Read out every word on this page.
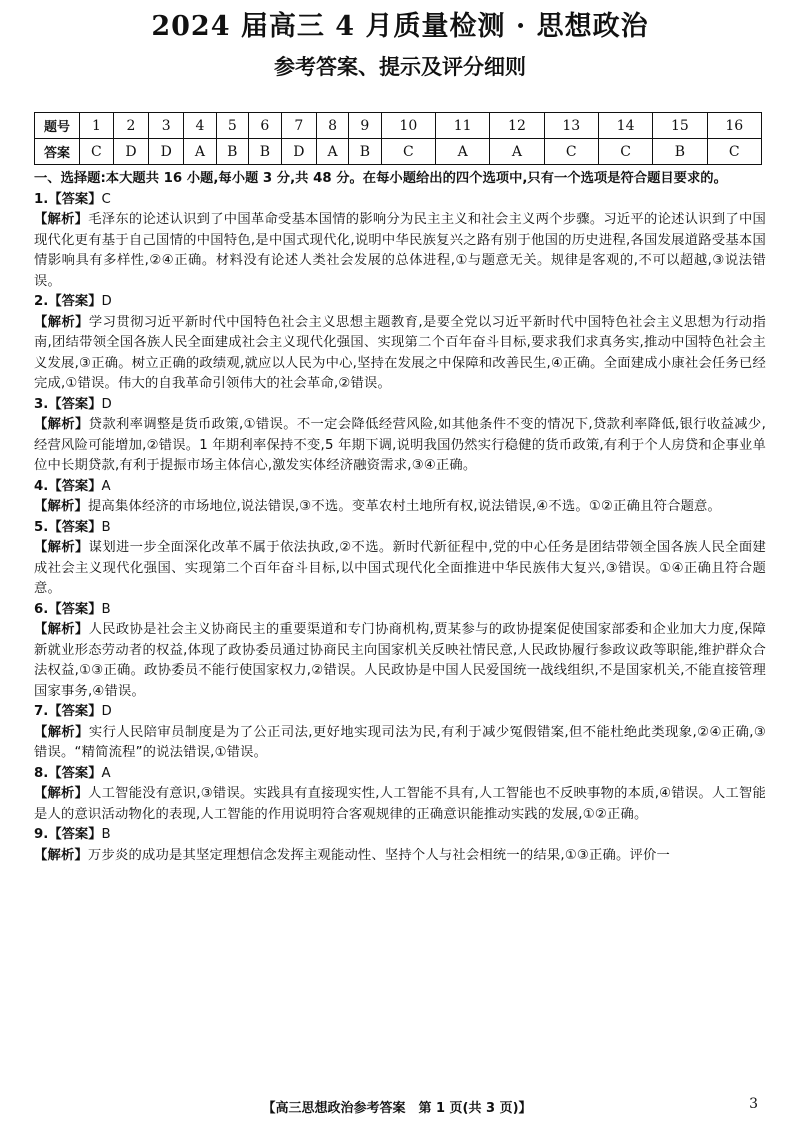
2024 届高三 4 月质量检测 · 思想政治
参考答案、提示及评分细则
题号	1	2	3	4	5	6	7	8	9	10	11	12	13	14	15	16
答案	C	D	D	A	B	B	D	A	B	C	A	A	C	C	B	C
一、选择题:本大题共 16 小题,每小题 3 分,共 48 分。在每小题给出的四个选项中,只有一个选项是符合题目要求的。
1.【答案】C
【解析】毛泽东的论述认识到了中国革命受基本国情的影响分为民主主义和社会主义两个步骤。习近平的论述认识到了中国现代化更有基于自己国情的中国特色,是中国式现代化,说明中华民族复兴之路有别于他国的历史进程,各国发展道路受基本国情影响具有多样性,②④正确。材料没有论述人类社会发展的总体进程,①与题意无关。规律是客观的,不可以超越,③说法错误。
2.【答案】D
【解析】学习贯彻习近平新时代中国特色社会主义思想主题教育,是要全党以习近平新时代中国特色社会主义思想为行动指南,团结带领全国各族人民全面建成社会主义现代化强国、实现第二个百年奋斗目标,要求我们求真务实,推动中国特色社会主义发展,③正确。树立正确的政绩观,就应以人民为中心,坚持在发展之中保障和改善民生,④正确。全面建成小康社会任务已经完成,①错误。伟大的自我革命引领伟大的社会革命,②错误。
3.【答案】D
【解析】贷款利率调整是货币政策,①错误。不一定会降低经营风险,如其他条件不变的情况下,贷款利率降低,银行收益减少,经营风险可能增加,②错误。1 年期利率保持不变,5 年期下调,说明我国仍然实行稳健的货币政策,有利于个人房贷和企事业单位中长期贷款,有利于提振市场主体信心,激发实体经济融资需求,③④正确。
4.【答案】A
【解析】提高集体经济的市场地位,说法错误,③不选。变革农村土地所有权,说法错误,④不选。①②正确且符合题意。
5.【答案】B
【解析】谋划进一步全面深化改革不属于依法执政,②不选。新时代新征程中,党的中心任务是团结带领全国各族人民全面建成社会主义现代化强国、实现第二个百年奋斗目标,以中国式现代化全面推进中华民族伟大复兴,③错误。①④正确且符合题意。
6.【答案】B
【解析】人民政协是社会主义协商民主的重要渠道和专门协商机构,贾某参与的政协提案促使国家部委和企业加大力度,保障新就业形态劳动者的权益,体现了政协委员通过协商民主向国家机关反映社情民意,人民政协履行参政议政等职能,维护群众合法权益,①③正确。政协委员不能行使国家权力,②错误。人民政协是中国人民爱国统一战线组织,不是国家机关,不能直接管理国家事务,④错误。
7.【答案】D
【解析】实行人民陪审员制度是为了公正司法,更好地实现司法为民,有利于减少冤假错案,但不能杜绝此类现象,②④正确,③错误。“精简流程”的说法错误,①错误。
8.【答案】A
【解析】人工智能没有意识,③错误。实践具有直接现实性,人工智能不具有,人工智能也不反映事物的本质,④错误。人工智能是人的意识活动物化的表现,人工智能的作用说明符合客观规律的正确意识能推动实践的发展,①②正确。
9.【答案】B
【解析】万步炎的成功是其坚定理想信念发挥主观能动性、坚持个人与社会相统一的结果,①③正确。评价一
【高三思想政治参考答案　第 1 页(共 3 页)】	3
